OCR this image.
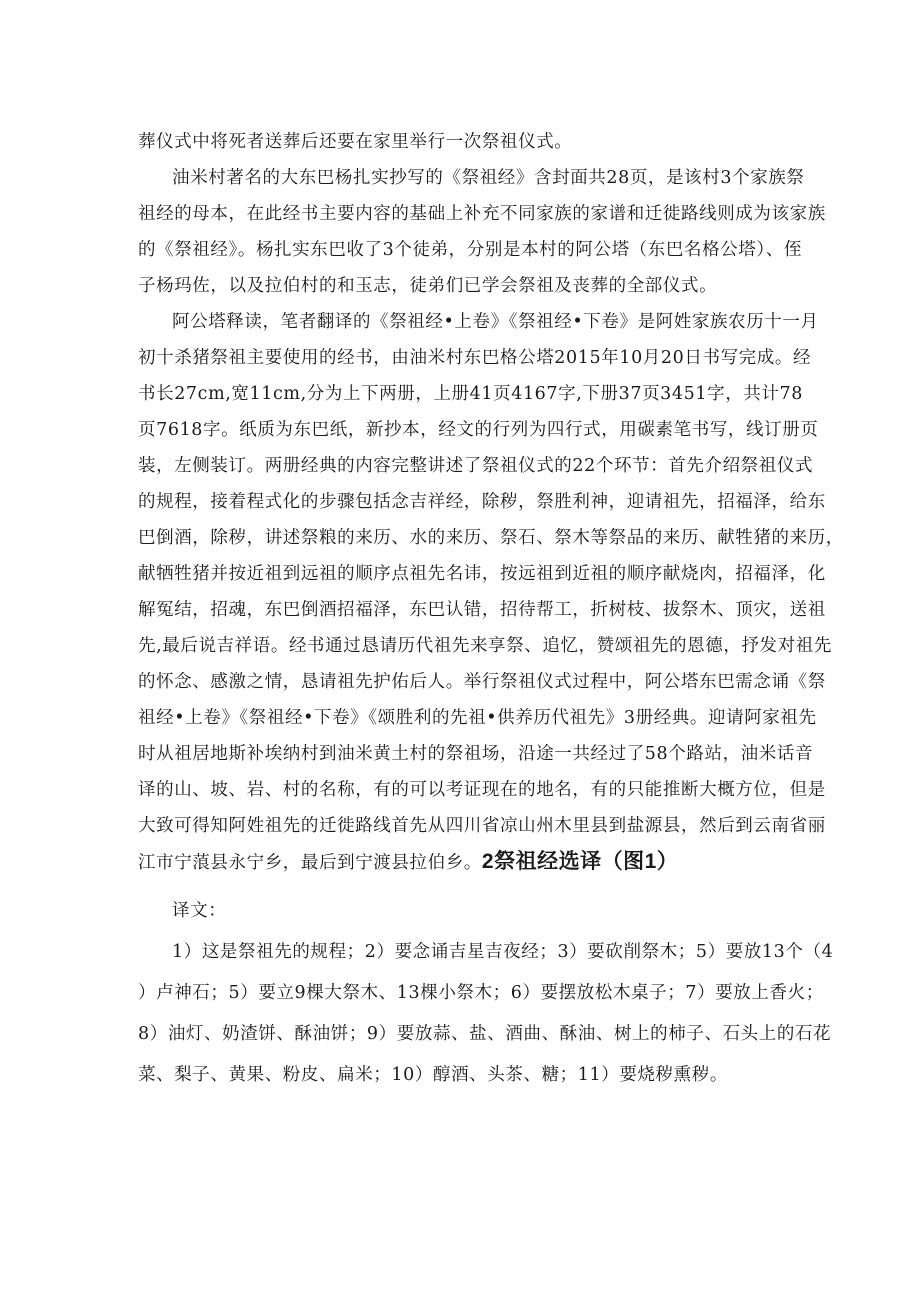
葬仪式中将死者送葬后还要在家里举行一次祭祖仪式。
油米村著名的大东巴杨扎实抄写的《祭祖经》含封面共28页，是该村3个家族祭
祖经的母本，在此经书主要内容的基础上补充不同家族的家谱和迁徙路线则成为该家族
的《祭祖经》。杨扎实东巴收了3个徒弟，分别是本村的阿公塔（东巴名格公塔）、侄
子杨玛佐，以及拉伯村的和玉志，徒弟们已学会祭祖及丧葬的全部仪式。
阿公塔释读，笔者翻译的《祭祖经•上卷》《祭祖经•下卷》是阿姓家族农历十一月
初十杀猪祭祖主要使用的经书，由油米村东巴格公塔2015年10月20日书写完成。经
书长27cm,宽11cm,分为上下两册，上册41页4167字,下册37页3451字，共计78
页7618字。纸质为东巴纸，新抄本，经文的行列为四行式，用碳素笔书写，线订册页
装，左侧装订。两册经典的内容完整讲述了祭祖仪式的22个环节：首先介绍祭祖仪式
的规程，接着程式化的步骤包括念吉祥经，除秽，祭胜利神，迎请祖先，招福泽，给东
巴倒酒，除秽，讲述祭粮的来历、水的来历、祭石、祭木等祭品的来历、献牲猪的来历，
献牺牲猪并按近祖到远祖的顺序点祖先名讳，按远祖到近祖的顺序献烧肉，招福泽，化
解冤结，招魂，东巴倒酒招福泽，东巴认错，招待帮工，折树枝、拔祭木、顶灾，送祖
先,最后说吉祥语。经书通过恳请历代祖先来享祭、追忆，赞颂祖先的恩德，抒发对祖先
的怀念、感激之情，恳请祖先护佑后人。举行祭祖仪式过程中，阿公塔东巴需念诵《祭
祖经•上卷》《祭祖经•下卷》《颂胜利的先祖•供养历代祖先》3册经典。迎请阿家祖先
时从祖居地斯补埃纳村到油米黄土村的祭祖场，沿途一共经过了58个路站，油米话音
译的山、坡、岩、村的名称，有的可以考证现在的地名，有的只能推断大概方位，但是
大致可得知阿姓祖先的迁徙路线首先从四川省凉山州木里县到盐源县，然后到云南省丽
江市宁蒗县永宁乡，最后到宁渡县拉伯乡。2祭祖经选译（图1）
译文：
1）这是祭祖先的规程；2）要念诵吉星吉夜经；3）要砍削祭木；5）要放13个（4
）卢神石；5）要立9棵大祭木、13棵小祭木；6）要摆放松木桌子；7）要放上香火；
8）油灯、奶渣饼、酥油饼；9）要放蒜、盐、酒曲、酥油、树上的柿子、石头上的石花
菜、梨子、黄果、粉皮、扁米；10）醇酒、头茶、糖；11）要烧秽熏秽。
